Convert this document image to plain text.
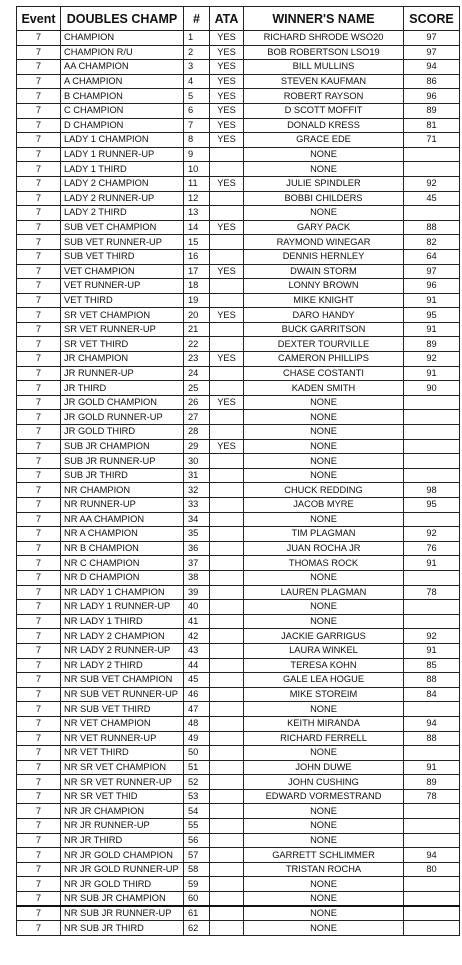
Event	DOUBLES CHAMP	#	ATA	WINNER'S NAME	SCORE
7	CHAMPION	1	YES	RICHARD SHRODE WSO20	97
7	CHAMPION R/U	2	YES	BOB ROBERTSON LSO19	97
7	AA CHAMPION	3	YES	BILL MULLINS	94
7	A CHAMPION	4	YES	STEVEN KAUFMAN	86
7	B CHAMPION	5	YES	ROBERT RAYSON	96
7	C CHAMPION	6	YES	D SCOTT MOFFIT	89
7	D CHAMPION	7	YES	DONALD KRESS	81
7	LADY 1 CHAMPION	8	YES	GRACE EDE	71
7	LADY 1 RUNNER-UP	9		NONE	
7	LADY 1 THIRD	10		NONE	
7	LADY 2 CHAMPION	11	YES	JULIE SPINDLER	92
7	LADY 2 RUNNER-UP	12		BOBBI CHILDERS	45
7	LADY 2 THIRD	13		NONE	
7	SUB VET CHAMPION	14	YES	GARY PACK	88
7	SUB VET RUNNER-UP	15		RAYMOND WINEGAR	82
7	SUB VET THIRD	16		DENNIS HERNLEY	64
7	VET CHAMPION	17	YES	DWAIN STORM	97
7	VET RUNNER-UP	18		LONNY BROWN	96
7	VET THIRD	19		MIKE KNIGHT	91
7	SR VET CHAMPION	20	YES	DARO HANDY	95
7	SR VET RUNNER-UP	21		BUCK GARRITSON	91
7	SR VET THIRD	22		DEXTER TOURVILLE	89
7	JR CHAMPION	23	YES	CAMERON PHILLIPS	92
7	JR RUNNER-UP	24		CHASE COSTANTI	91
7	JR THIRD	25		KADEN SMITH	90
7	JR GOLD CHAMPION	26	YES	NONE	
7	JR GOLD RUNNER-UP	27		NONE	
7	JR GOLD THIRD	28		NONE	
7	SUB JR CHAMPION	29	YES	NONE	
7	SUB JR RUNNER-UP	30		NONE	
7	SUB JR THIRD	31		NONE	
7	NR CHAMPION	32		CHUCK REDDING	98
7	NR RUNNER-UP	33		JACOB MYRE	95
7	NR AA CHAMPION	34		NONE	
7	NR A CHAMPION	35		TIM PLAGMAN	92
7	NR B CHAMPION	36		JUAN ROCHA JR	76
7	NR C CHAMPION	37		THOMAS ROCK	91
7	NR D CHAMPION	38		NONE	
7	NR LADY 1 CHAMPION	39		LAUREN PLAGMAN	78
7	NR LADY 1 RUNNER-UP	40		NONE	
7	NR LADY 1 THIRD	41		NONE	
7	NR LADY 2 CHAMPION	42		JACKIE GARRIGUS	92
7	NR LADY 2 RUNNER-UP	43		LAURA WINKEL	91
7	NR LADY 2 THIRD	44		TERESA KOHN	85
7	NR SUB VET CHAMPION	45		GALE LEA HOGUE	88
7	NR SUB VET RUNNER-UP	46		MIKE STOREIM	84
7	NR SUB VET THIRD	47		NONE	
7	NR VET CHAMPION	48		KEITH MIRANDA	94
7	NR VET RUNNER-UP	49		RICHARD FERRELL	88
7	NR VET THIRD	50		NONE	
7	NR SR VET CHAMPION	51		JOHN DUWE	91
7	NR SR VET RUNNER-UP	52		JOHN CUSHING	89
7	NR SR VET THID	53		EDWARD VORMESTRAND	78
7	NR JR CHAMPION	54		NONE	
7	NR JR RUNNER-UP	55		NONE	
7	NR JR THIRD	56		NONE	
7	NR JR GOLD CHAMPION	57		GARRETT SCHLIMMER	94
7	NR JR GOLD RUNNER-UP	58		TRISTAN ROCHA	80
7	NR JR GOLD THIRD	59		NONE	
7	NR SUB JR CHAMPION	60		NONE	
7	NR SUB JR RUNNER-UP	61		NONE	
7	NR SUB JR THIRD	62		NONE	
